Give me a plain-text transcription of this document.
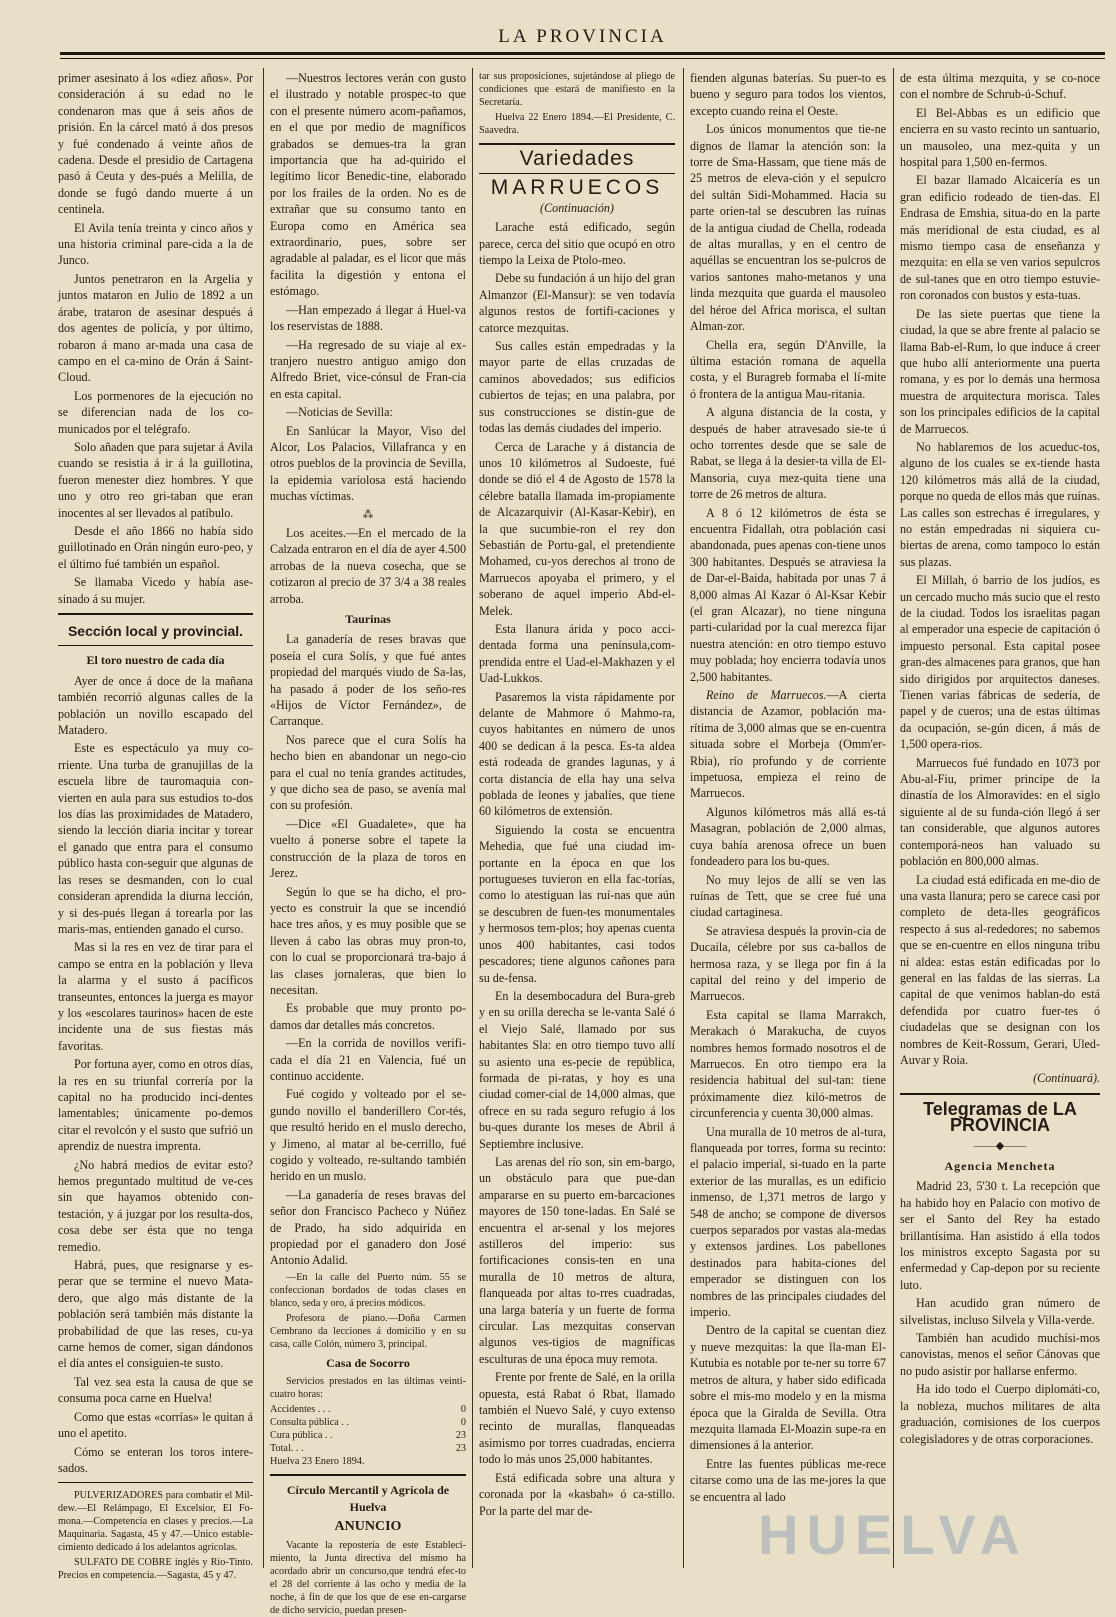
LA PROVINCIA

primer asesinato á los «diez años». Por consideración á su edad no le condenaron mas que á seis años de prisión. En la cárcel mató á dos presos y fué condenado á veinte años de cadena. Desde el presidio de Cartagena pasó á Ceuta y des-pués a Melilla, de donde se fugó dando muerte á un centinela.

El Avila tenía treinta y cinco años y una historia criminal pare-cida a la de Junco.

Juntos penetraron en la Argelia y juntos mataron en Julio de 1892 a un árabe, trataron de asesinar después á dos agentes de policía, y por último, robaron á mano ar-mada una casa de campo en el ca-mino de Orán á Saint-Cloud.

Los pormenores de la ejecución no se diferencian nada de los co-municados por el telégrafo.

Solo añaden que para sujetar á Avila cuando se resistia á ir á la guillotina, fueron menester diez hombres. Y que uno y otro reo gri-taban que eran inocentes al ser llevados al patíbulo.

Desde el año 1866 no había sido guillotinado en Orán ningún euro-peo, y el último fué también un español.

Se llamaba Vicedo y había ase-sinado á su mujer.

Sección local y provincial.
El toro nuestro de cada día

Ayer de once á doce de la mañana también recorrió algunas calles de la población un novillo escapado del Matadero.

Este es espectáculo ya muy co-rriente. Una turba de granujillas de la escuela libre de tauromaquia con-vierten en aula para sus estudios to-dos los días las proximidades de Matadero, siendo la lección diaria incitar y torear el ganado que entra para el consumo público hasta con-seguir que algunas de las reses se desmanden, con lo cual consideran aprendida la diurna lección, y si des-pués llegan á torearla por las maris-mas, entienden ganado el curso.

Mas si la res en vez de tirar para el campo se entra en la población y lleva la alarma y el susto á pacíficos transeuntes, entonces la juerga es mayor y los «escolares taurinos» hacen de este incidente una de sus fiestas más favoritas.

Por fortuna ayer, como en otros días, la res en su triunfal correría por la capital no ha producido inci-dentes lamentables; únicamente po-demos citar el revolcón y el susto que sufrió un aprendiz de nuestra imprenta.

¿No habrá medios de evitar esto? hemos preguntado multitud de ve-ces sin que hayamos obtenido con-testación, y á juzgar por los resulta-dos, cosa debe ser ésta que no tenga remedio.

Habrá, pues, que resignarse y es-perar que se termine el nuevo Mata-dero, que algo más distante de la población será también más distante la probabilidad de que las reses, cu-ya carne hemos de comer, sigan dándonos el día antes el consiguien-te susto.

Tal vez sea esta la causa de que se consuma poca carne en Huelva!

Como que estas «corrías» le quitan á uno el apetito.

Cómo se enteran los toros intere-sados.

PULVERIZADORES para combatir el Mil-dew.—El Relámpago, El Excelsior, El Fo-mona.—Competencia en clases y precios.—La Maquinaria. Sagasta, 45 y 47.—Unico estable-cimiento dedicado á los adelantos agrícolas.

SULFATO DE COBRE inglés y Río-Tinto. Precios en competencia.—Sagasta, 45 y 47.

—Nuestros lectores verán con gusto el ilustrado y notable prospec-to que con el presente número acom-pañamos, en el que por medio de magníficos grabados se demues-tra la gran importancia que ha ad-quirido el legítimo licor Benedic-tine, elaborado por los frailes de la orden. No es de extrañar que su consumo tanto en Europa como en América sea extraordinario, pues, sobre ser agradable al paladar, es el licor que más facilita la digestión y entona el estómago.

—Han empezado á llegar á Huel-va los reservistas de 1888.

—Ha regresado de su viaje al ex-tranjero nuestro antiguo amigo don Alfredo Briet, vice-cónsul de Fran-cia en esta capital.

—Noticias de Sevilla:

En Sanlúcar la Mayor, Viso del Alcor, Los Palacios, Villafranca y en otros pueblos de la provincia de Sevilla, la epidemia variolosa está haciendo muchas víctimas.

⁂

Los aceites.—En el mercado de la Calzada entraron en el día de ayer 4.500 arrobas de la nueva cosecha, que se cotizaron al precio de 37 3/4 a 38 reales arroba.

Taurinas

La ganadería de reses bravas que poseía el cura Solís, y que fué antes propiedad del marqués viudo de Sa-las, ha pasado á poder de los seño-res «Hijos de Víctor Fernández», de Carranque.

Nos parece que el cura Solís ha hecho bien en abandonar un nego-cio para el cual no tenía grandes actitudes, y que dicho sea de paso, se avenía mal con su profesión.

—Dice «El Guadalete», que ha vuelto á ponerse sobre el tapete la construcción de la plaza de toros en Jerez.

Según lo que se ha dicho, el pro-yecto es construir la que se incendió hace tres años, y es muy posible que se lleven á cabo las obras muy pron-to, con lo cual se proporcionará tra-bajo á las clases jornaleras, que bien lo necesitan.

Es probable que muy pronto po-damos dar detalles más concretos.

—En la corrida de novillos verifi-cada el día 21 en Valencia, fué un continuo accidente.

Fué cogido y volteado por el se-gundo novillo el banderillero Cor-tés, que resultó herido en el muslo derecho, y Jimeno, al matar al be-cerrillo, fué cogido y volteado, re-sultando también herido en un muslo.

—La ganadería de reses bravas del señor don Francisco Pacheco y Núñez de Prado, ha sido adquirida en propiedad por el ganadero don José Antonio Adalid.

—En la calle del Puerto núm. 55 se confeccionan bordados de todas clases en blanco, seda y oro, á precios módicos.

Profesora de piano.—Doña Carmen Cembrano da lecciones á domicilio y en su casa, calle Colón, número 3, principal.

Casa de Socorro

Servicios prestados en las últimas veinti-cuatro horas:

Accidentes . . .	0
Consulta pública . .	0
Cura pública . .	23
Total. . .	23
Huelva 23 Enero 1894.
Círculo Mercantil y Agrícola de Huelva
ANUNCIO

Vacante la repostería de este Estableci-miento, la Junta directiva del mismo ha acordado abrir un concurso,que tendrá efec-to el 28 del corriente á las ocho y media de la noche, á fin de que los que de ese en-cargarse de dicho servicio, puedan presen-

tar sus proposiciones, sujetándose al pliego de condiciones que estará de manifiesto en la Secretaría.

Huelva 22 Enero 1894.—El Presidente, C. Saavedra.

Variedades
MARRUECOS
(Continuación)

Larache está edificado, según parece, cerca del sitio que ocupó en otro tiempo la Leixa de Ptolo-meo.

Debe su fundación á un hijo del gran Almanzor (El-Mansur): se ven todavía algunos restos de fortifi-caciones y catorce mezquitas.

Sus calles están empedradas y la mayor parte de ellas cruzadas de caminos abovedados; sus edificios cubiertos de tejas; en una palabra, por sus construcciones se distin-gue de todas las demás ciudades del imperio.

Cerca de Larache y á distancia de unos 10 kilómetros al Sudoeste, fué donde se dió el 4 de Agosto de 1578 la célebre batalla llamada im-propiamente de Alcazarquivir (Al-Kasar-Kebir), en la que sucumbie-ron el rey don Sebastián de Portu-gal, el pretendiente Mohamed, cu-yos derechos al trono de Marruecos apoyaba el primero, y el soberano de aquel imperio Abd-el-Melek.

Esta llanura árida y poco acci-dentada forma una península,com-prendida entre el Uad-el-Makhazen y el Uad-Lukkos.

Pasaremos la vista rápidamente por delante de Mahmore ó Mahmo-ra, cuyos habitantes en número de unos 400 se dedican á la pesca. Es-ta aldea está rodeada de grandes lagunas, y á corta distancia de ella hay una selva poblada de leones y jabalíes, que tiene 60 kilómetros de extensión.

Siguiendo la costa se encuentra Mehedia, que fué una ciudad im-portante en la época en que los portugueses tuvieron en ella fac-torías, como lo atestiguan las ruí-nas que aún se descubren de fuen-tes monumentales y hermosos tem-plos; hoy apenas cuenta unos 400 habitantes, casi todos pescadores; tiene algunos cañones para su de-fensa.

En la desembocadura del Bura-greb y en su orilla derecha se le-vanta Salé ó el Viejo Salé, llamado por sus habitantes Sla: en otro tiempo tuvo allí su asiento una es-pecie de república, formada de pi-ratas, y hoy es una ciudad comer-cial de 14,000 almas, que ofrece en su rada seguro refugio á los bu-ques durante los meses de Abril á Septiembre inclusive.

Las arenas del río son, sin em-bargo, un obstáculo para que pue-dan ampararse en su puerto em-barcaciones mayores de 150 tone-ladas. En Salé se encuentra el ar-senal y los mejores astilleros del imperio: sus fortificaciones consis-ten en una muralla de 10 metros de altura, flanqueada por altas to-rres cuadradas, una larga batería y un fuerte de forma circular. Las mezquitas conservan algunos ves-tigios de magníficas esculturas de una época muy remota.

Frente por frente de Salé, en la orilla opuesta, está Rabat ó Rbat, llamado también el Nuevo Salé, y cuyo extenso recinto de murallas, flanqueadas asimismo por torres cuadradas, encierra todo lo más unos 25,000 habitantes.

Está edificada sobre una altura y coronada por la «kasbah» ó ca-stillo. Por la parte del mar de-

fienden algunas baterías. Su puer-to es bueno y seguro para todos los vientos, excepto cuando reina el Oeste.

Los únicos monumentos que tie-ne dignos de llamar la atención son: la torre de Sma-Hassam, que tiene más de 25 metros de eleva-ción y el sepulcro del sultán Sidi-Mohammed. Hacia su parte orien-tal se descubren las ruínas de la antigua ciudad de Chella, rodeada de altas murallas, y en el centro de aquéllas se encuentran los se-pulcros de varios santones maho-metanos y una linda mezquita que guarda el mausoleo del héroe del Africa morisca, el sultan Alman-zor.

Chella era, según D'Anville, la última estación romana de aquella costa, y el Buragreb formaba el lí-mite ó frontera de la antigua Mau-ritania.

A alguna distancia de la costa, y después de haber atravesado sie-te ú ocho torrentes desde que se sale de Rabat, se llega á la desier-ta villa de El-Mansoria, cuya mez-quita tiene una torre de 26 metros de altura.

A 8 ó 12 kilómetros de ésta se encuentra Fidallah, otra población casi abandonada, pues apenas con-tiene unos 300 habitantes. Después se atraviesa la de Dar-el-Baida, habitada por unas 7 á 8,000 almas Al Kazar ó Al-Ksar Kebir (el gran Alcazar), no tiene ninguna parti-cularidad por la cual merezca fijar nuestra atención: en otro tiempo estuvo muy poblada; hoy encierra todavía unos 2,500 habitantes.

Reino de Marruecos.—A cierta distancia de Azamor, población ma-rítima de 3,000 almas que se en-cuentra situada sobre el Morbeja (Omm'er-Rbia), río profundo y de corriente impetuosa, empieza el reino de Marruecos.

Algunos kilómetros más allá es-tá Masagran, población de 2,000 almas, cuya bahía arenosa ofrece un buen fondeadero para los bu-ques.

No muy lejos de allí se ven las ruínas de Tett, que se cree fué una ciudad cartaginesa.

Se atraviesa después la provin-cia de Ducaila, célebre por sus ca-ballos de hermosa raza, y se llega por fin á la capital del reino y del imperio de Marruecos.

Esta capital se llama Marrakch, Merakach ó Marakucha, de cuyos nombres hemos formado nosotros el de Marruecos. En otro tiempo era la residencia habitual del sul-tan: tiene próximamente diez kiló-metros de circunferencia y cuenta 30,000 almas.

Una muralla de 10 metros de al-tura, flanqueada por torres, forma su recinto: el palacio imperial, si-tuado en la parte exterior de las murallas, es un edificio inmenso, de 1,371 metros de largo y 548 de ancho; se compone de diversos cuerpos separados por vastas ala-medas y extensos jardines. Los pabellones destinados para habita-ciones del emperador se distinguen con los nombres de las principales ciudades del imperio.

Dentro de la capital se cuentan diez y nueve mezquitas: la que lla-man El-Kutubia es notable por te-ner su torre 67 metros de altura, y haber sido edificada sobre el mis-mo modelo y en la misma época que la Giralda de Sevilla. Otra mezquita llamada El-Moazin supe-ra en dimensiones á la anterior.

Entre las fuentes públicas me-rece citarse como una de las me-jores la que se encuentra al lado

de esta última mezquita, y se co-noce con el nombre de Schrub-ú-Schuf.

El Bel-Abbas es un edificio que encierra en su vasto recinto un santuario, un mausoleo, una mez-quita y un hospital para 1,500 en-fermos.

El bazar llamado Alcaicería es un gran edificio rodeado de tien-das. El Endrasa de Emshia, situa-do en la parte más meridional de esta ciudad, es al mismo tiempo casa de enseñanza y mezquita: en ella se ven varios sepulcros de sul-tanes que en otro tiempo estuvie-ron coronados con bustos y esta-tuas.

De las siete puertas que tiene la ciudad, la que se abre frente al palacio se llama Bab-el-Rum, lo que induce á creer que hubo allí anteriormente una puerta romana, y es por lo demás una hermosa muestra de arquitectura morisca. Tales son los principales edificios de la capital de Marruecos.

No hablaremos de los acueduc-tos, alguno de los cuales se ex-tiende hasta 120 kilómetros más allá de la ciudad, porque no queda de ellos más que ruínas. Las calles son estrechas é irregulares, y no están empedradas ni siquiera cu-biertas de arena, como tampoco lo están sus plazas.

El Millah, ó barrio de los judíos, es un cercado mucho más sucio que el resto de la ciudad. Todos los israelitas pagan al emperador una especie de capitación ó impuesto personal. Esta capital posee gran-des almacenes para granos, que han sido dirigidos por arquitectos daneses. Tienen varias fábricas de sedería, de papel y de cueros; una de estas últimas da ocupación, se-gún dicen, á más de 1,500 opera-rios.

Marruecos fué fundado en 1073 por Abu-al-Fiu, primer principe de la dinastía de los Almoravides: en el siglo siguiente al de su funda-ción llegó á ser tan considerable, que algunos autores contemporá-neos han valuado su población en 800,000 almas.

La ciudad está edificada en me-dio de una vasta llanura; pero se carece casi por completo de deta-lles geográficos respecto á sus al-rededores; no sabemos que se en-cuentre en ellos ninguna tribu ni aldea: estas están edificadas por lo general en las faldas de las sierras. La capital de que venimos hablan-do está defendida por cuatro fuer-tes ó ciudadelas que se designan con los nombres de Keit-Rossum, Gerari, Uled-Auvar y Roia.

(Continuará).
Telegramas de LA PROVINCIA
——◆——
Agencia Mencheta

Madrid 23, 5'30 t. La recepción que ha habido hoy en Palacio con motivo de ser el Santo del Rey ha estado brillantísima. Han asistido á ella todos los ministros excepto Sagasta por su enfermedad y Cap-depon por su reciente luto.

Han acudido gran número de silvelistas, incluso Silvela y Villa-verde.

También han acudido muchísi-mos canovistas, menos el señor Cánovas que no pudo asistir por hallarse enfermo.

Ha ido todo el Cuerpo diplomáti-co, la nobleza, muchos militares de alta graduación, comisiones de los cuerpos colegisladores y de otras corporaciones.

HUELVA
